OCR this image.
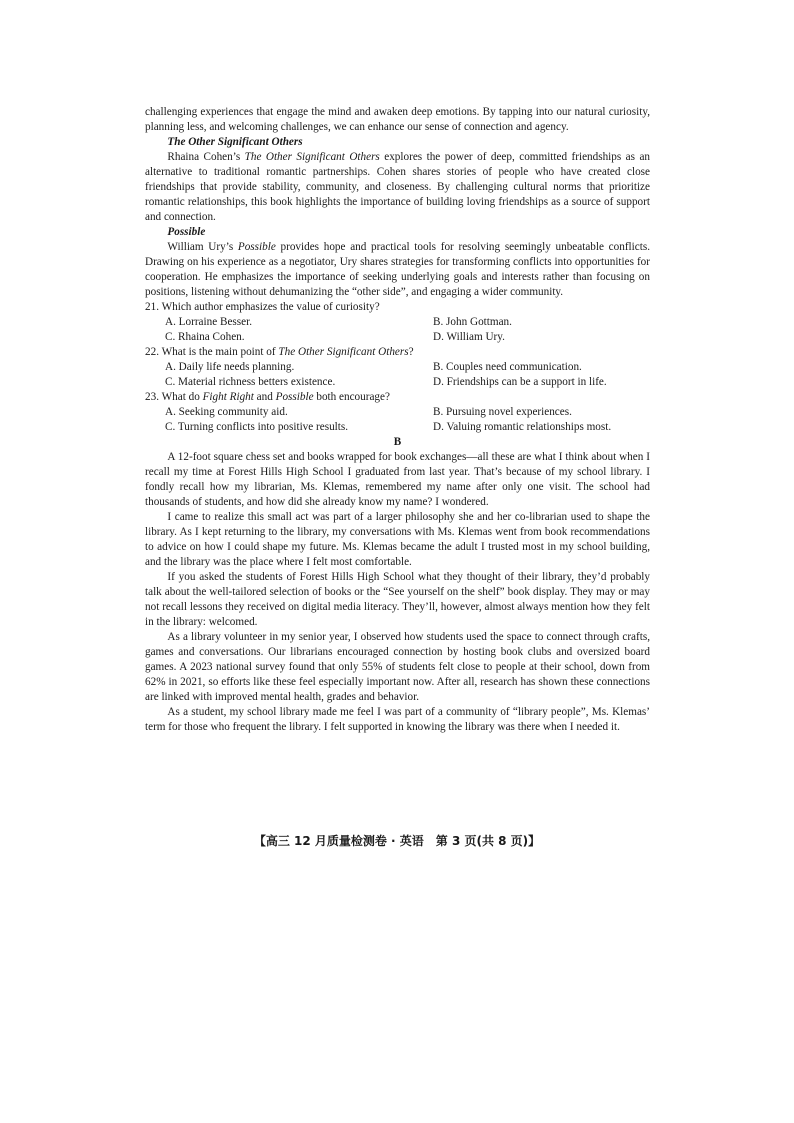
challenging experiences that engage the mind and awaken deep emotions. By tapping into our natural curiosity, planning less, and welcoming challenges, we can enhance our sense of connection and agency.

The Other Significant Others

Rhaina Cohen’s The Other Significant Others explores the power of deep, committed friendships as an alternative to traditional romantic partnerships. Cohen shares stories of people who have created close friendships that provide stability, community, and closeness. By challenging cultural norms that prioritize romantic relationships, this book highlights the importance of building loving friendships as a source of support and connection.

Possible

William Ury’s Possible provides hope and practical tools for resolving seemingly unbeatable conflicts. Drawing on his experience as a negotiator, Ury shares strategies for transforming conflicts into opportunities for cooperation. He emphasizes the importance of seeking underlying goals and interests rather than focusing on positions, listening without dehumanizing the “other side”, and engaging a wider community.

21. Which author emphasizes the value of curiosity?

A. Lorraine Besser.	B. John Gottman.
C. Rhaina Cohen.	D. William Ury.

22. What is the main point of The Other Significant Others?

A. Daily life needs planning.	B. Couples need communication.
C. Material richness betters existence.	D. Friendships can be a support in life.

23. What do Fight Right and Possible both encourage?

A. Seeking community aid.	B. Pursuing novel experiences.
C. Turning conflicts into positive results.	D. Valuing romantic relationships most.

B

A 12-foot square chess set and books wrapped for book exchanges—all these are what I think about when I recall my time at Forest Hills High School I graduated from last year. That’s because of my school library. I fondly recall how my librarian, Ms. Klemas, remembered my name after only one visit. The school had thousands of students, and how did she already know my name? I wondered.

I came to realize this small act was part of a larger philosophy she and her co-librarian used to shape the library. As I kept returning to the library, my conversations with Ms. Klemas went from book recommendations to advice on how I could shape my future. Ms. Klemas became the adult I trusted most in my school building, and the library was the place where I felt most comfortable.

If you asked the students of Forest Hills High School what they thought of their library, they’d probably talk about the well-tailored selection of books or the “See yourself on the shelf” book display. They may or may not recall lessons they received on digital media literacy. They’ll, however, almost always mention how they felt in the library: welcomed.

As a library volunteer in my senior year, I observed how students used the space to connect through crafts, games and conversations. Our librarians encouraged connection by hosting book clubs and oversized board games. A 2023 national survey found that only 55% of students felt close to people at their school, down from 62% in 2021, so efforts like these feel especially important now. After all, research has shown these connections are linked with improved mental health, grades and behavior.

As a student, my school library made me feel I was part of a community of “library people”, Ms. Klemas’ term for those who frequent the library. I felt supported in knowing the library was there when I needed it.

【高三 12 月质量检测卷 · 英语　第 3 页(共 8 页)】
